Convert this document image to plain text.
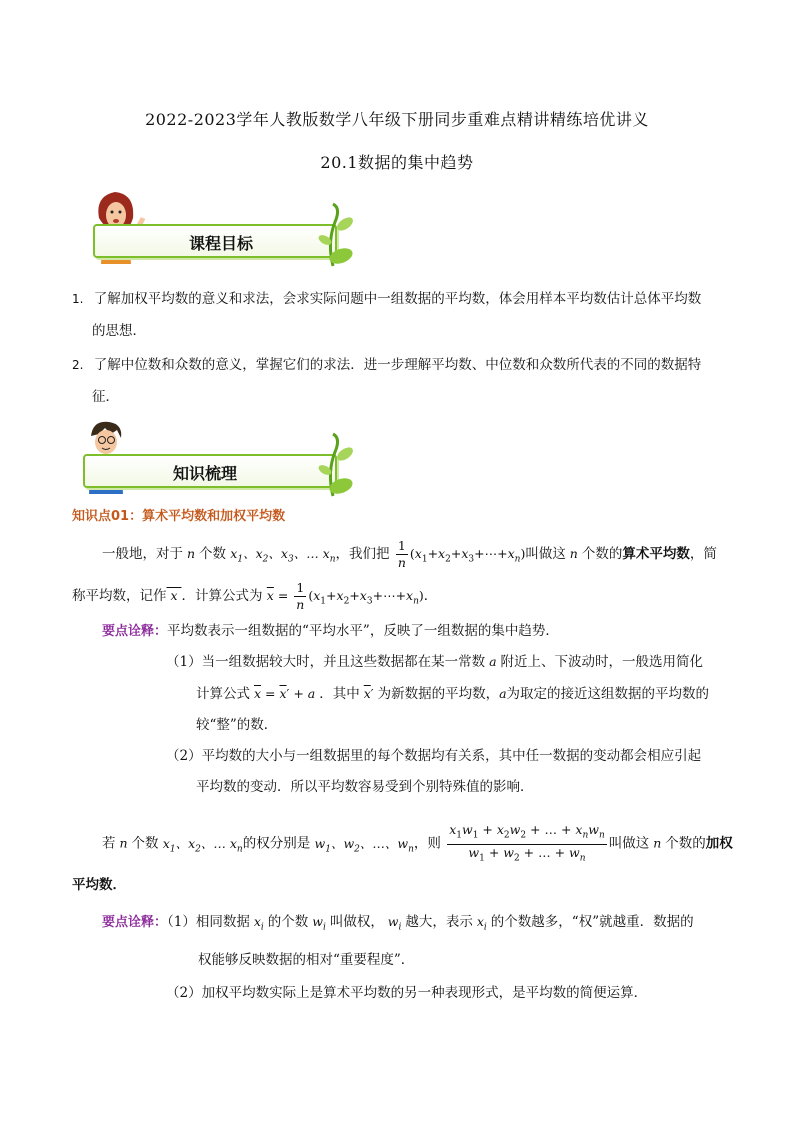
2022-2023学年人教版数学八年级下册同步重难点精讲精练培优讲义
20.1数据的集中趋势
课程目标
1. 了解加权平均数的意义和求法，会求实际问题中一组数据的平均数，体会用样本平均数估计总体平均数
的思想．
2. 了解中位数和众数的意义，掌握它们的求法．进一步理解平均数、中位数和众数所代表的不同的数据特
征．
知识梳理
知识点01：算术平均数和加权平均数
一般地，对于 n 个数 $x_1$、$x_2$、$x_3$、… $x_n$，我们把 $\frac{1}{n}$ $(x_1+x_2+x_3+\cdots+x_n)$叫做这 n 个数的算术平均数，简
称平均数，记作 x ．计算公式为 $\overline{x} = \frac{1}{n}$ $(x_1+x_2+x_3+\cdots+x_n)$．
要点诠释：平均数表示一组数据的“平均水平”，反映了一组数据的集中趋势．
（1）当一组数据较大时，并且这些数据都在某一常数 a 附近上、下波动时，一般选用简化
计算公式 $\overline{x} = \overline{x}' + a$ ．其中 $\overline{x}'$ 为新数据的平均数，a为取定的接近这组数据的平均数的
较“整”的数．
（2）平均数的大小与一组数据里的每个数据均有关系，其中任一数据的变动都会相应引起
平均数的变动．所以平均数容易受到个别特殊值的影响．
若 n 个数 $x_1$、$x_2$、… $x_n$的权分别是 $w_1$、$w_2$、…、$w_n$，则 $\frac{x_1w_1 + x_2w_2 + \dots + x_nw_n}{w_1 + w_2 + \dots + w_n}$ 叫做这 n 个数的加权
平均数．
要点诠释：（1）相同数据 $x_i$ 的个数 $w_i$ 叫做权， $w_i$ 越大，表示 $x_i$ 的个数越多，“权”就越重．数据的
权能够反映数据的相对“重要程度”．
（2）加权平均数实际上是算术平均数的另一种表现形式，是平均数的简便运算．
